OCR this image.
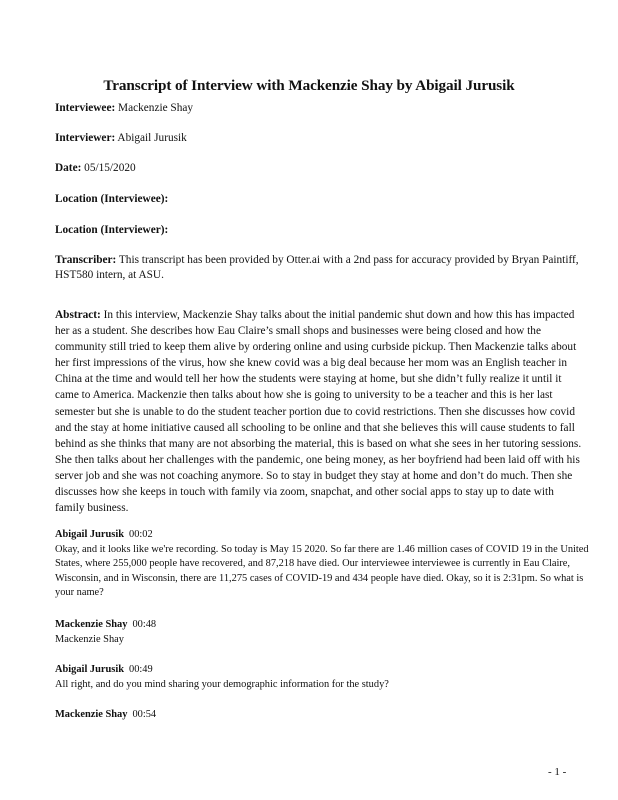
Transcript of Interview with Mackenzie Shay by Abigail Jurusik
Interviewee: Mackenzie Shay
Interviewer: Abigail Jurusik
Date: 05/15/2020
Location (Interviewee):
Location (Interviewer):
Transcriber: This transcript has been provided by Otter.ai with a 2nd pass for accuracy provided by Bryan Paintiff, HST580 intern, at ASU.
Abstract: In this interview, Mackenzie Shay talks about the initial pandemic shut down and how this has impacted her as a student. She describes how Eau Claire’s small shops and businesses were being closed and how the community still tried to keep them alive by ordering online and using curbside pickup. Then Mackenzie talks about her first impressions of the virus, how she knew covid was a big deal because her mom was an English teacher in China at the time and would tell her how the students were staying at home, but she didn’t fully realize it until it came to America. Mackenzie then talks about how she is going to university to be a teacher and this is her last semester but she is unable to do the student teacher portion due to covid restrictions. Then she discusses how covid and the stay at home initiative caused all schooling to be online and that she believes this will cause students to fall behind as she thinks that many are not absorbing the material, this is based on what she sees in her tutoring sessions. She then talks about her challenges with the pandemic, one being money, as her boyfriend had been laid off with his server job and she was not coaching anymore. So to stay in budget they stay at home and don’t do much. Then she discusses how she keeps in touch with family via zoom, snapchat, and other social apps to stay up to date with family business.
Abigail Jurusik 00:02
Okay, and it looks like we're recording. So today is May 15 2020. So far there are 1.46 million cases of COVID 19 in the United States, where 255,000 people have recovered, and 87,218 have died. Our interviewee interviewee is currently in Eau Claire, Wisconsin, and in Wisconsin, there are 11,275 cases of COVID-19 and 434 people have died. Okay, so it is 2:31pm. So what is your name?
Mackenzie Shay 00:48
Mackenzie Shay
Abigail Jurusik 00:49
All right, and do you mind sharing your demographic information for the study?
Mackenzie Shay 00:54
- 1 -
